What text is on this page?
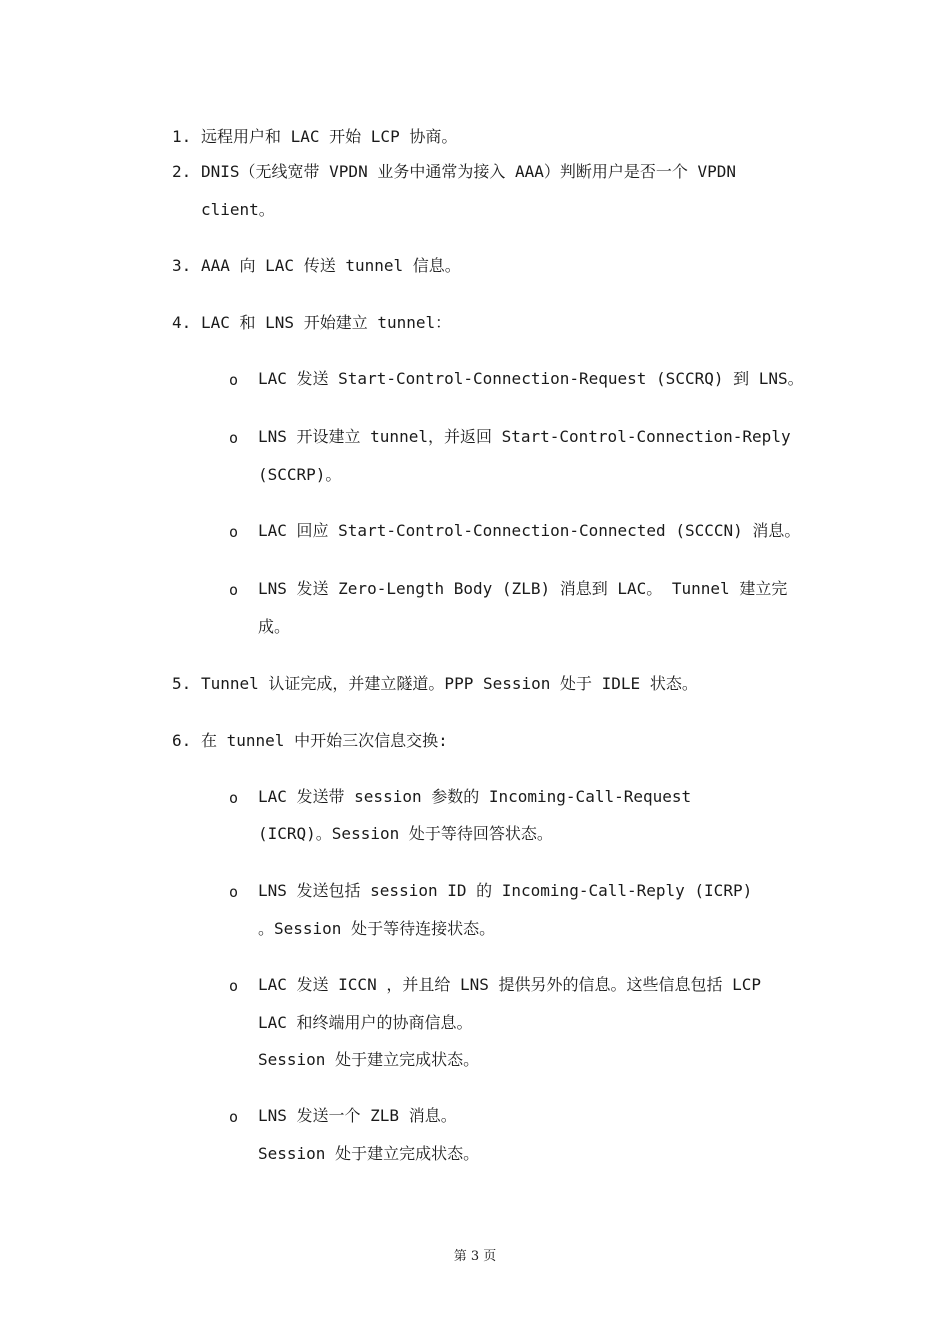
1. 远程用户和 LAC 开始 LCP 协商。
2. DNIS（无线宽带 VPDN 业务中通常为接入 AAA）判断用户是否一个 VPDN
client。
3. AAA 向 LAC 传送 tunnel 信息。
4. LAC 和 LNS 开始建立 tunnel：
o LAC 发送 Start-Control-Connection-Request (SCCRQ) 到 LNS。
o LNS 开设建立 tunnel，并返回 Start-Control-Connection-Reply
(SCCRP)。
o LAC 回应 Start-Control-Connection-Connected (SCCCN) 消息。
o LNS 发送 Zero-Length Body (ZLB) 消息到 LAC。 Tunnel 建立完
成。
5. Tunnel 认证完成，并建立隧道。PPP Session 处于 IDLE 状态。
6. 在 tunnel 中开始三次信息交换:
o LAC 发送带 session 参数的 Incoming-Call-Request
(ICRQ)。Session 处于等待回答状态。
o LNS 发送包括 session ID 的 Incoming-Call-Reply (ICRP)
。Session 处于等待连接状态。
o LAC 发送 ICCN ，并且给 LNS 提供另外的信息。这些信息包括 LCP
LAC 和终端用户的协商信息。
Session 处于建立完成状态。
o LNS 发送一个 ZLB 消息。
Session 处于建立完成状态。
第 3 页
